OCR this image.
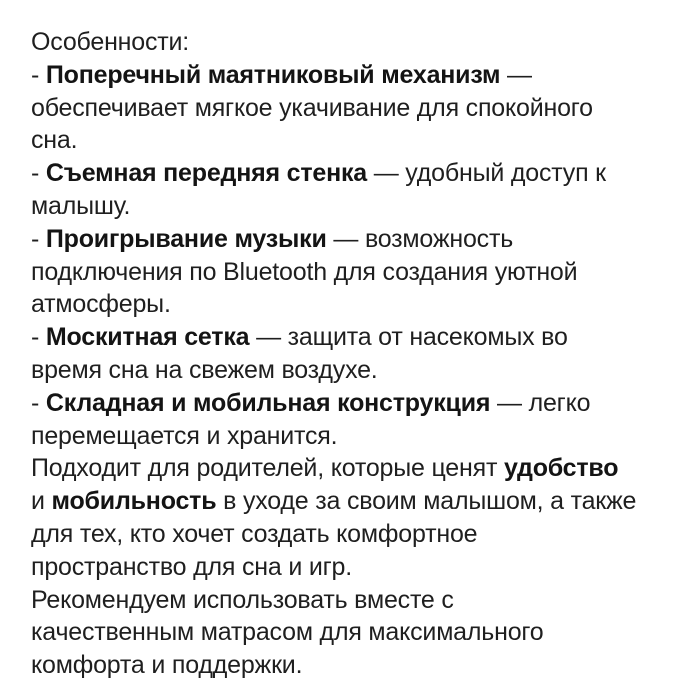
Особенности:
- Поперечный маятниковый механизм —
обеспечивает мягкое укачивание для спокойного
сна.
- Съемная передняя стенка — удобный доступ к
малышу.
- Проигрывание музыки — возможность
подключения по Bluetooth для создания уютной
атмосферы.
- Москитная сетка — защита от насекомых во
время сна на свежем воздухе.
- Складная и мобильная конструкция — легко
перемещается и хранится.
Подходит для родителей, которые ценят удобство
и мобильность в уходе за своим малышом, а также
для тех, кто хочет создать комфортное
пространство для сна и игр.
Рекомендуем использовать вместе с
качественным матрасом для максимального
комфорта и поддержки.
